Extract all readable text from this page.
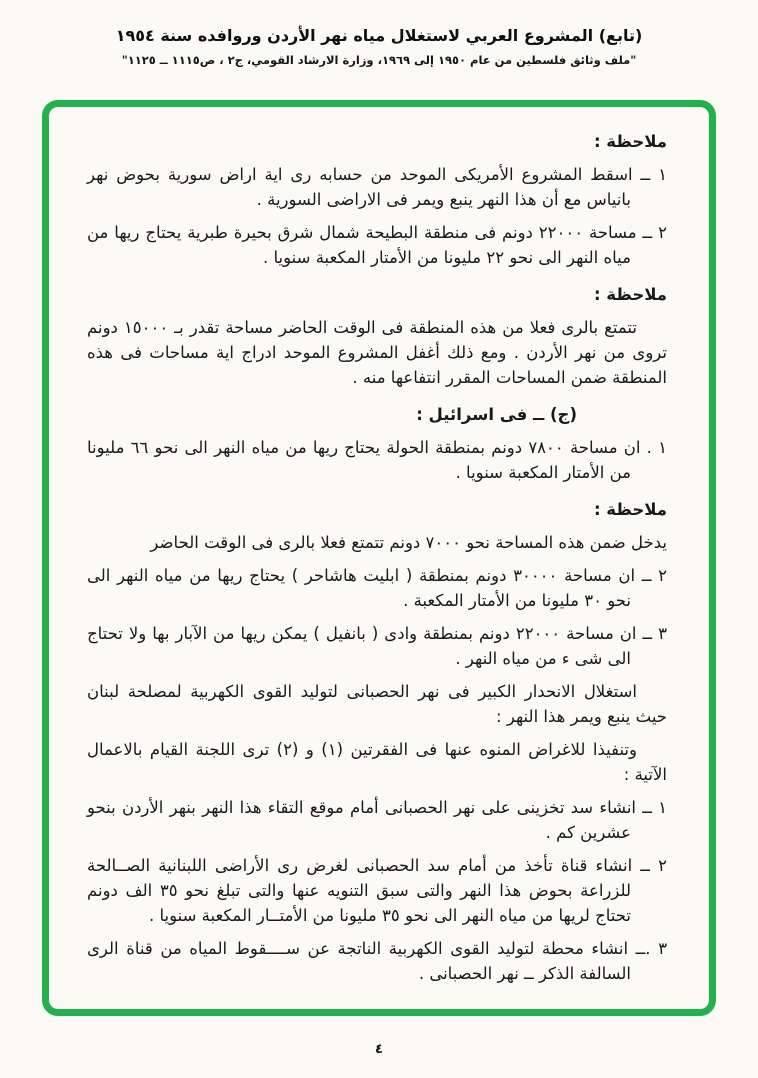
(تابع) المشروع العربي لاستغلال مياه نهر الأردن وروافده سنة ١٩٥٤
"ملف وثائق فلسطين من عام ١٩٥٠ إلى ١٩٦٩، وزارة الارشاد القومي، ج٢ ، ص١١١٥ ــ ١١٢٥"
ملاحظة :
١ ــ اسقط المشروع الأمريكى الموحد من حسابه رى اية اراض سورية بحوض نهر بانياس مع أن هذا النهر ينبع ويمر فى الاراضى السورية .
٢ ــ مساحة ٢٢٠٠٠ دونم فى منطقة البطيحة شمال شرق بحيرة طبرية يحتاج ريها من مياه النهر الى نحو ٢٢ مليونا من الأمتار المكعبة سنويا .
ملاحظة :
تتمتع بالرى فعلا من هذه المنطقة فى الوقت الحاضر مساحة تقدر بـ ١٥٠٠٠ دونم تروى من نهر الأردن . ومع ذلك أغفل المشروع الموحد ادراج اية مساحات فى هذه المنطقة ضمن المساحات المقرر انتفاعها منه .
(ج) ــ فى اسرائيل :
١ . ان مساحة ٧٨٠٠ دونم بمنطقة الحولة يحتاج ريها من مياه النهر الى نحو ٦٦ مليونا من الأمتار المكعبة سنويا .
ملاحظة :
يدخل ضمن هذه المساحة نحو ٧٠٠٠ دونم تتمتع فعلا بالرى فى الوقت الحاضر
٢ ــ ان مساحة ٣٠٠٠٠ دونم بمنطقة ( ابليت هاشاحر ) يحتاج ريها من مياه النهر الى نحو ٣٠ مليونا من الأمتار المكعبة .
٣ ــ ان مساحة ٢٢٠٠٠ دونم بمنطقة وادى ( بانفيل ) يمكن ريها من الآبار بها ولا تحتاج الى شى ء من مياه النهر .
استغلال الانحدار الكبير فى نهر الحصبانى لتوليد القوى الكهربية لمصلحة لبنان حيث ينبع ويمر هذا النهر :
وتنفيذا للاغراض المنوه عنها فى الفقرتين (١) و (٢) ترى اللجنة القيام بالاعمال الآتية :
١ ــ انشاء سد تخزينى على نهر الحصبانى أمام موقع التقاء هذا النهر بنهر الأردن بنحو عشرين كم .
٢ ــ انشاء قناة تأخذ من أمام سد الحصبانى لغرض رى الأراضى اللبنانية الصــالحة للزراعة بحوض هذا النهر والتى سبق التنويه عنها والتى تبلغ نحو ٣٥ الف دونم تحتاج لريها من مياه النهر الى نحو ٣٥ مليونا من الأمتــار المكعبة سنويا .
٣ .ــ انشاء محطة لتوليد القوى الكهربية الناتجة عن ســــقوط المياه من قناة الرى السالفة الذكر ــ نهر الحصبانى .
٤
